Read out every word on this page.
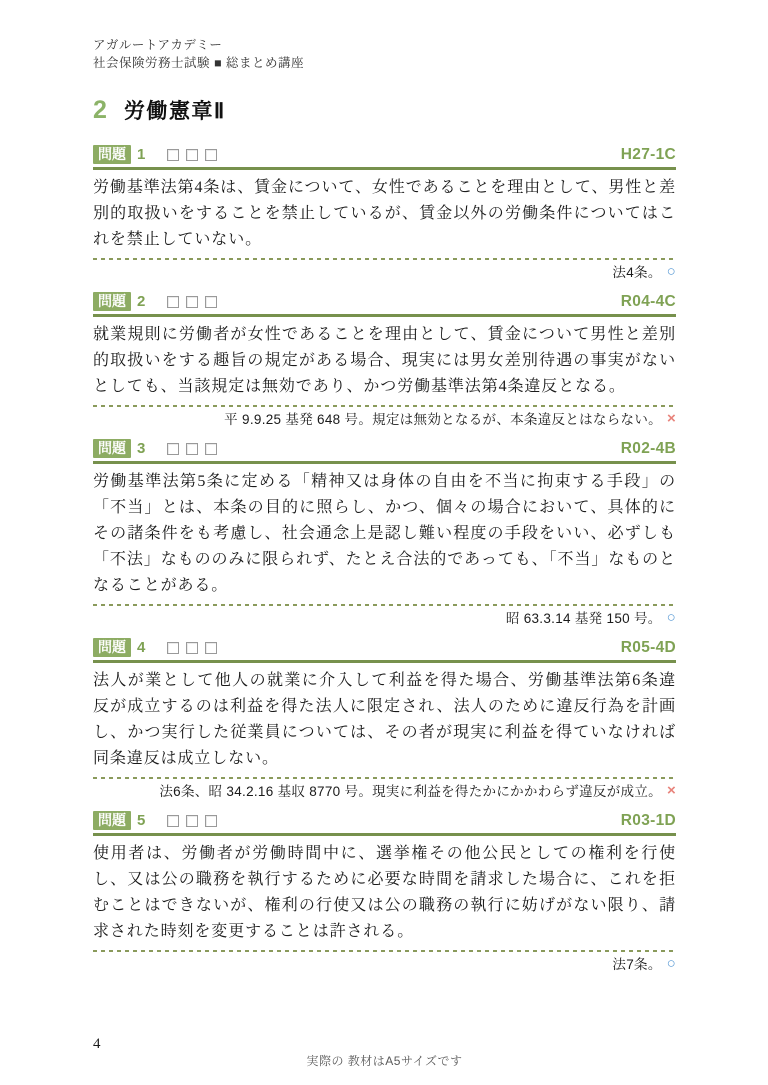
アガルートアカデミー
社会保険労務士試験 ■ 総まとめ講座
2 労働憲章Ⅱ
問題 1	H27-1C

労働基準法第4条は、賃金について、女性であることを理由として、男性と差別的取扱いをすることを禁止しているが、賃金以外の労働条件についてはこれを禁止していない。

法4条。 ○
問題 2	R04-4C

就業規則に労働者が女性であることを理由として、賃金について男性と差別的取扱いをする趣旨の規定がある場合、現実には男女差別待遇の事実がないとしても、当該規定は無効であり、かつ労働基準法第4条違反となる。

平 9.9.25 基発 648 号。規定は無効となるが、本条違反とはならない。 ×
問題 3	R02-4B

労働基準法第5条に定める「精神又は身体の自由を不当に拘束する手段」の「不当」とは、本条の目的に照らし、かつ、個々の場合において、具体的にその諸条件をも考慮し、社会通念上是認し難い程度の手段をいい、必ずしも「不法」なもののみに限られず、たとえ合法的であっても、「不当」なものとなることがある。

昭 63.3.14 基発 150 号。 ○
問題 4	R05-4D

法人が業として他人の就業に介入して利益を得た場合、労働基準法第6条違反が成立するのは利益を得た法人に限定され、法人のために違反行為を計画し、かつ実行した従業員については、その者が現実に利益を得ていなければ同条違反は成立しない。

法6条、昭 34.2.16 基収 8770 号。現実に利益を得たかにかかわらず違反が成立。 ×
問題 5	R03-1D

使用者は、労働者が労働時間中に、選挙権その他公民としての権利を行使し、又は公の職務を執行するために必要な時間を請求した場合に、これを拒むことはできないが、権利の行使又は公の職務の執行に妨げがない限り、請求された時刻を変更することは許される。

法7条。 ○
4
実際の 教材はA5サイズです
